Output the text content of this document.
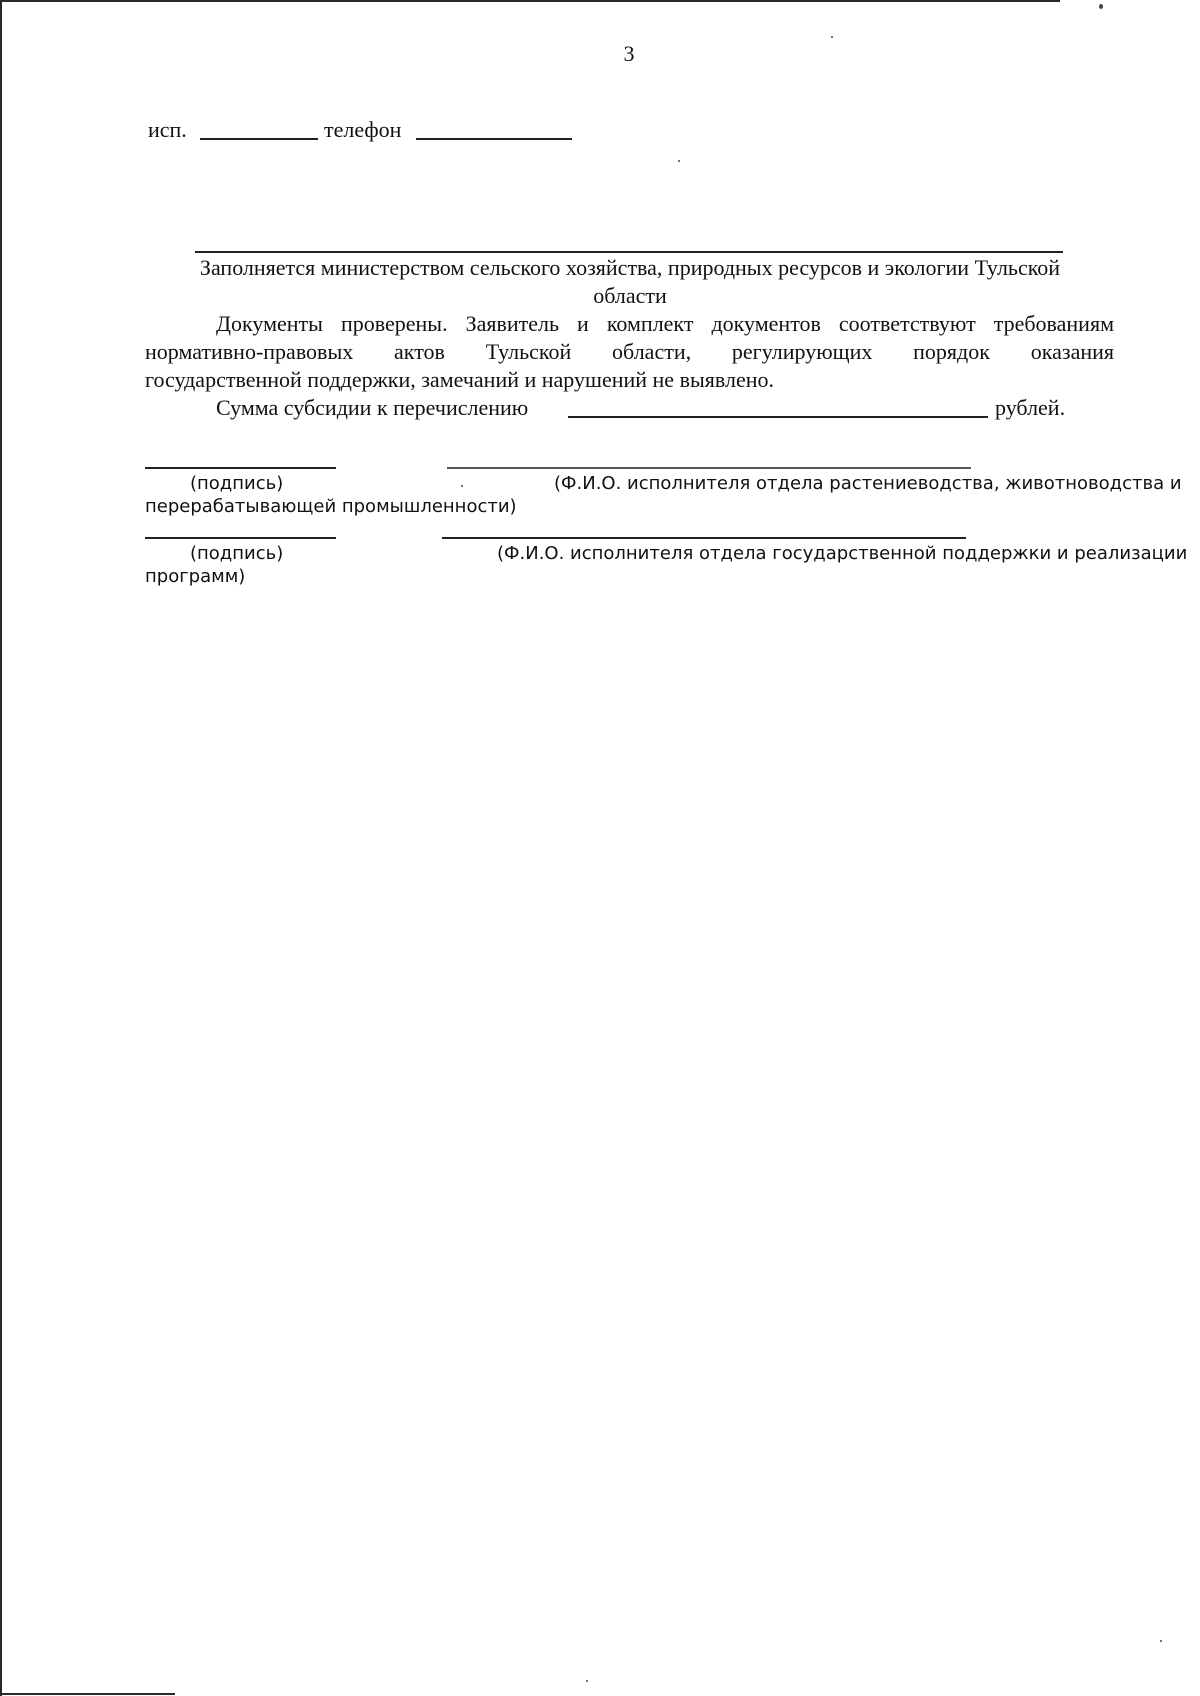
3
исп.	телефон
Заполняется министерством сельского хозяйства, природных ресурсов и экологии Тульской
области
Документы проверены. Заявитель и комплект документов соответствуют требованиям
нормативно-правовых актов Тульской области, регулирующих порядок оказания
государственной поддержки, замечаний и нарушений не выявлено.
Сумма субсидии к перечислению	рублей.
(подпись)	(Ф.И.О. исполнителя отдела растениеводства, животноводства и
перерабатывающей промышленности)
(подпись)	(Ф.И.О. исполнителя отдела государственной поддержки и реализации
программ)
